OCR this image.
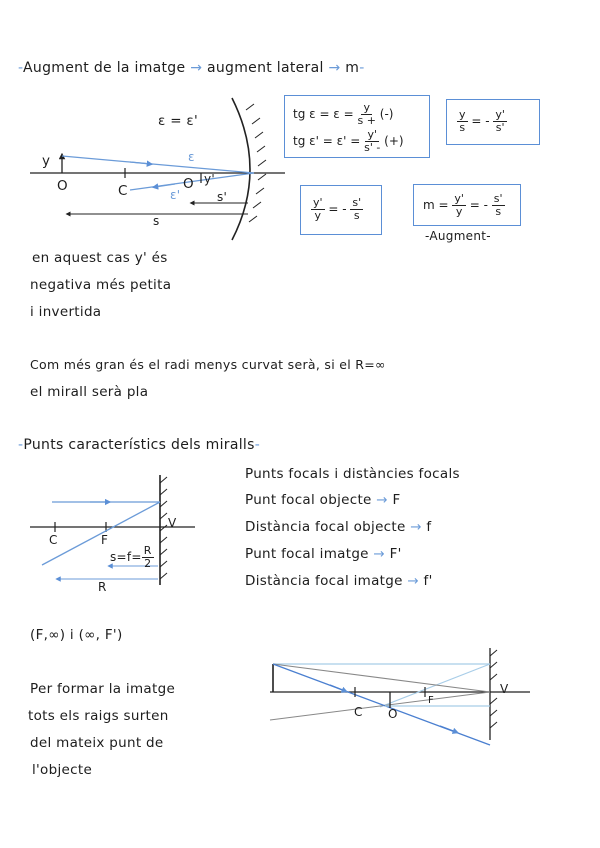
-Augment de la imatge → augment lateral → m-
ε = ε'
y
O	C	O y'
s'
s
ε
ε'
tg $\varepsilon = \varepsilon = \frac{y}{s +}$ (-)
tg $\varepsilon' = \varepsilon' = \frac{y'}{s' -}$ (+)
$\frac{y}{s}$ = - $\frac{y'}{s'}$
$\frac{y'}{y}$ = - $\frac{s'}{s}$	$m = \frac{y'}{y}$ = - $\frac{s'}{s}$
-Augment-
en aquest cas y' és
negativa més petita
i invertida
Com més gran és el radi menys curvat serà, si el R=∞
el mirall serà pla
-Punts característics dels miralls-
C	F
V
$s=f= \frac{R}{2}$
R
Punts focals i distàncies focals
Punt focal objecte → F
Distància focal objecte → f
Punt focal imatge → F'
Distància focal imatge → f'
(F,∞) i (∞, F')
Per formar la imatge
tots els raigs surten
del mateix punt de
l'objecte
C O
F
V
